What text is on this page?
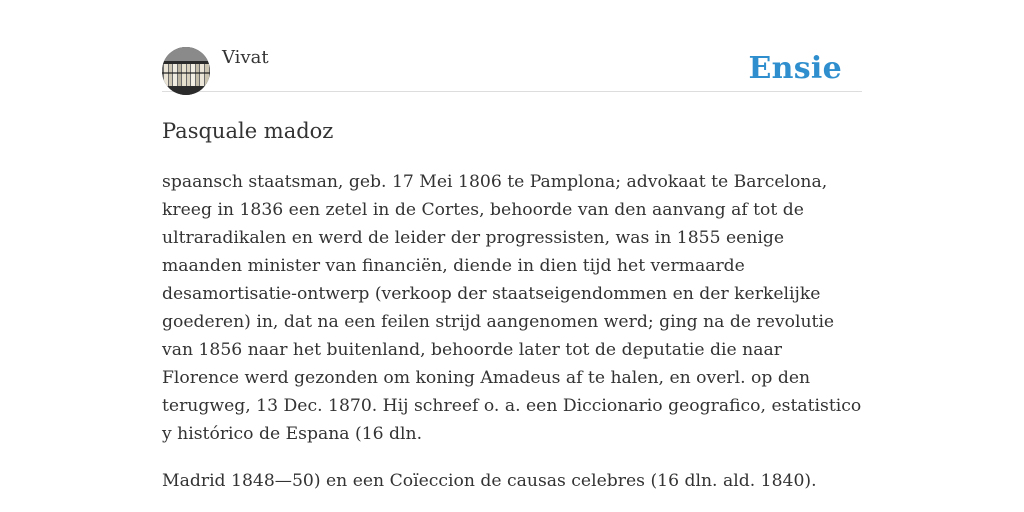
Vivat	Ensie
Pasquale madoz

spaansch staatsman, geb. 17 Mei 1806 te Pamplona; advokaat te Barcelona, kreeg in 1836 een zetel in de Cortes, behoorde van den aanvang af tot de ultraradikalen en werd de leider der progressisten, was in 1855 eenige maanden minister van financiën, diende in dien tijd het vermaarde desamortisatie-ontwerp (verkoop der staatseigendommen en der kerkelijke goederen) in, dat na een feilen strijd aangenomen werd; ging na de revolutie van 1856 naar het buitenland, behoorde later tot de deputatie die naar Florence werd gezonden om koning Amadeus af te halen, en overl. op den terugweg, 13 Dec. 1870. Hij schreef o. a. een Diccionario geografico, estatistico y histórico de Espana (16 dln.

Madrid 1848—50) en een Coïeccion de causas celebres (16 dln. ald. 1840).
